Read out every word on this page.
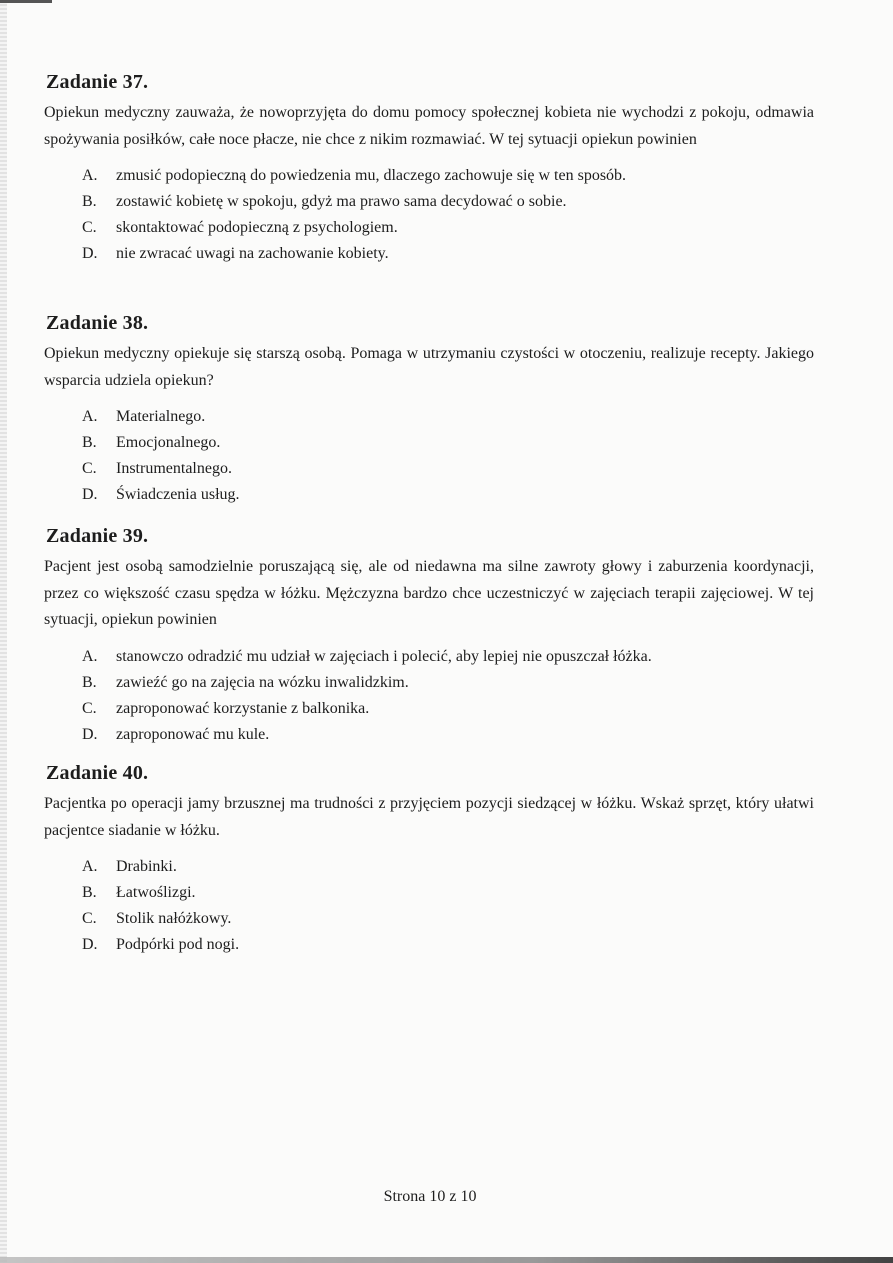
Zadanie 37.

Opiekun medyczny zauważa, że nowoprzyjęta do domu pomocy społecznej kobieta nie wychodzi z pokoju, odmawia spożywania posiłków, całe noce płacze, nie chce z nikim rozmawiać. W tej sytuacji opiekun powinien

A.	zmusić podopieczną do powiedzenia mu, dlaczego zachowuje się w ten sposób.
B.	zostawić kobietę w spokoju, gdyż ma prawo sama decydować o sobie.
C.	skontaktować podopieczną z psychologiem.
D.	nie zwracać uwagi na zachowanie kobiety.
Zadanie 38.

Opiekun medyczny opiekuje się starszą osobą. Pomaga w utrzymaniu czystości w otoczeniu, realizuje recepty. Jakiego wsparcia udziela opiekun?

A.	Materialnego.
B.	Emocjonalnego.
C.	Instrumentalnego.
D.	Świadczenia usług.
Zadanie 39.

Pacjent jest osobą samodzielnie poruszającą się, ale od niedawna ma silne zawroty głowy i zaburzenia koordynacji, przez co większość czasu spędza w łóżku. Mężczyzna bardzo chce uczestniczyć w zajęciach terapii zajęciowej. W tej sytuacji, opiekun powinien

A.	stanowczo odradzić mu udział w zajęciach i polecić, aby lepiej nie opuszczał łóżka.
B.	zawieźć go na zajęcia na wózku inwalidzkim.
C.	zaproponować korzystanie z balkonika.
D.	zaproponować mu kule.
Zadanie 40.

Pacjentka po operacji jamy brzusznej ma trudności z przyjęciem pozycji siedzącej w łóżku. Wskaż sprzęt, który ułatwi pacjentce siadanie w łóżku.

A.	Drabinki.
B.	Łatwoślizgi.
C.	Stolik nałóżkowy.
D.	Podpórki pod nogi.
Strona 10 z 10
